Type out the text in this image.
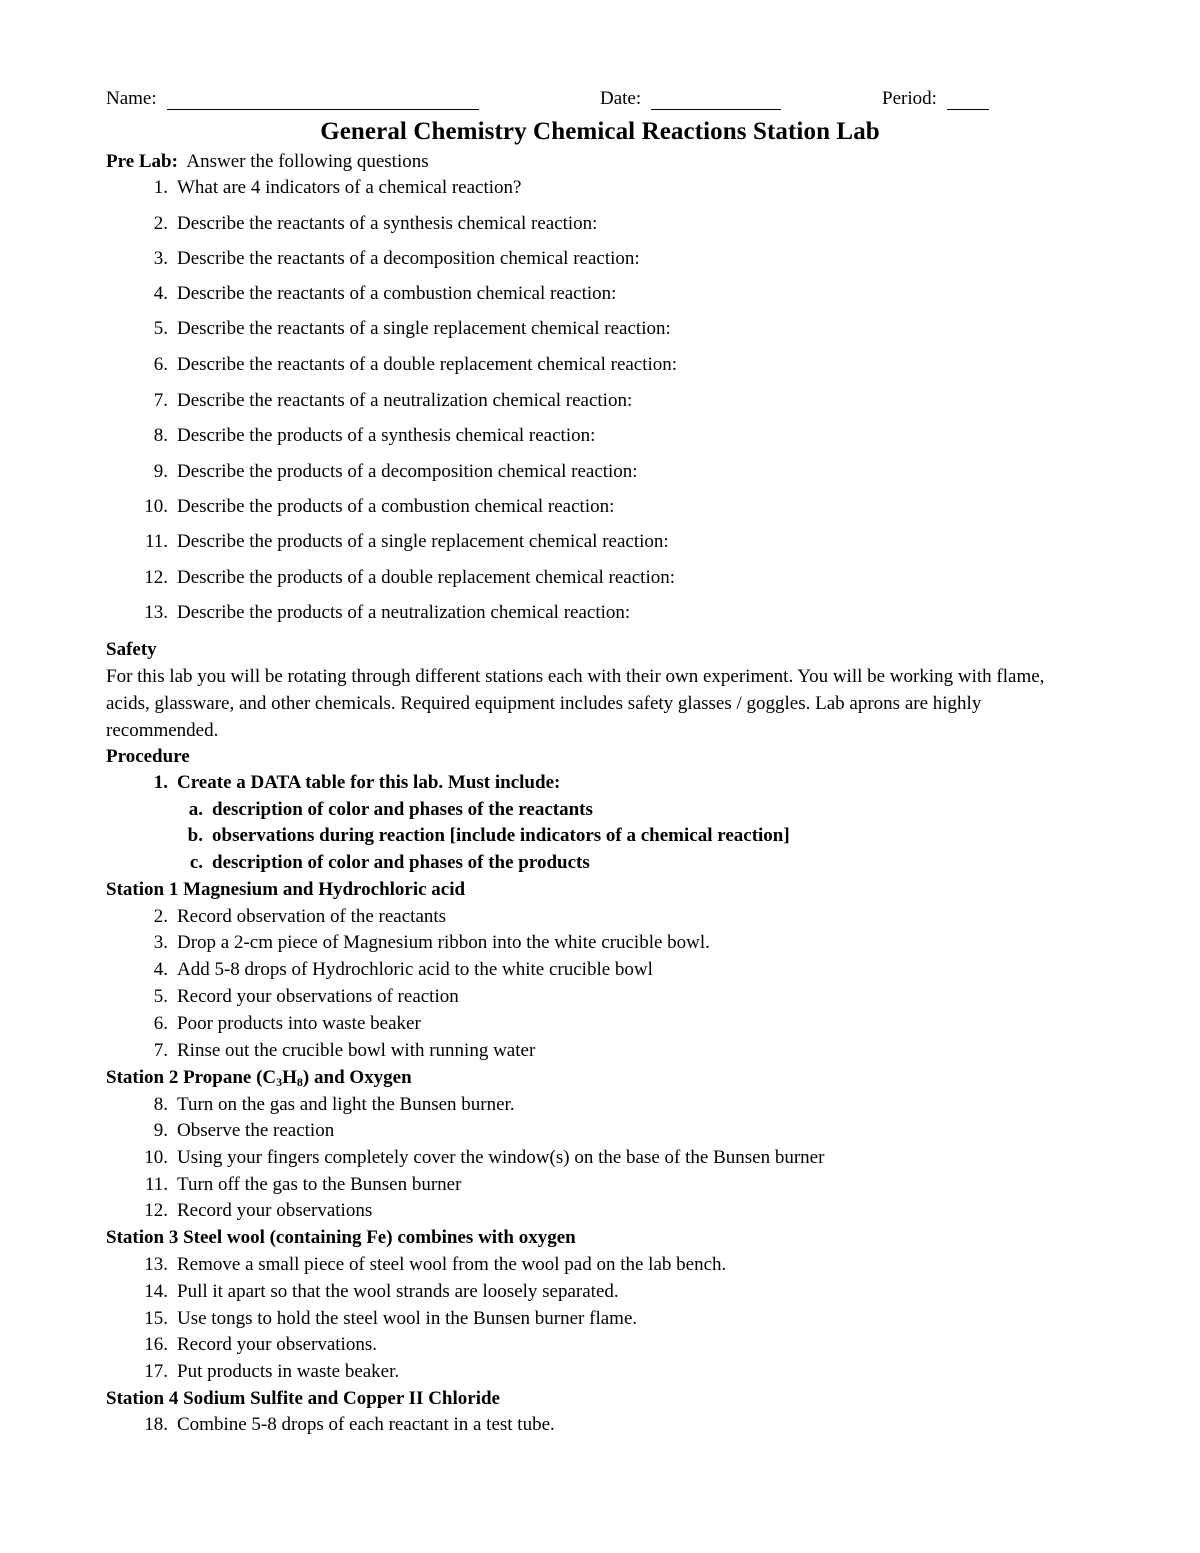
Name:	Date:	Period:
General Chemistry Chemical Reactions Station Lab
Pre Lab: Answer the following questions
1. What are 4 indicators of a chemical reaction?
2. Describe the reactants of a synthesis chemical reaction:
3. Describe the reactants of a decomposition chemical reaction:
4. Describe the reactants of a combustion chemical reaction:
5. Describe the reactants of a single replacement chemical reaction:
6. Describe the reactants of a double replacement chemical reaction:
7. Describe the reactants of a neutralization chemical reaction:
8. Describe the products of a synthesis chemical reaction:
9. Describe the products of a decomposition chemical reaction:
10. Describe the products of a combustion chemical reaction:
11. Describe the products of a single replacement chemical reaction:
12. Describe the products of a double replacement chemical reaction:
13. Describe the products of a neutralization chemical reaction:
Safety
For this lab you will be rotating through different stations each with their own experiment. You will be working with flame, acids, glassware, and other chemicals. Required equipment includes safety glasses / goggles. Lab aprons are highly recommended.
Procedure
1. Create a DATA table for this lab. Must include:
a. description of color and phases of the reactants
b. observations during reaction [include indicators of a chemical reaction]
c. description of color and phases of the products
Station 1 Magnesium and Hydrochloric acid
2. Record observation of the reactants
3. Drop a 2-cm piece of Magnesium ribbon into the white crucible bowl.
4. Add 5-8 drops of Hydrochloric acid to the white crucible bowl
5. Record your observations of reaction
6. Poor products into waste beaker
7. Rinse out the crucible bowl with running water
Station 2 Propane $(C_3H_8)$ and Oxygen
8. Turn on the gas and light the Bunsen burner.
9. Observe the reaction
10. Using your fingers completely cover the window(s) on the base of the Bunsen burner
11. Turn off the gas to the Bunsen burner
12. Record your observations
Station 3 Steel wool (containing Fe) combines with oxygen
13. Remove a small piece of steel wool from the wool pad on the lab bench.
14. Pull it apart so that the wool strands are loosely separated.
15. Use tongs to hold the steel wool in the Bunsen burner flame.
16. Record your observations.
17. Put products in waste beaker.
Station 4 Sodium Sulfite and Copper II Chloride
18. Combine 5-8 drops of each reactant in a test tube.
